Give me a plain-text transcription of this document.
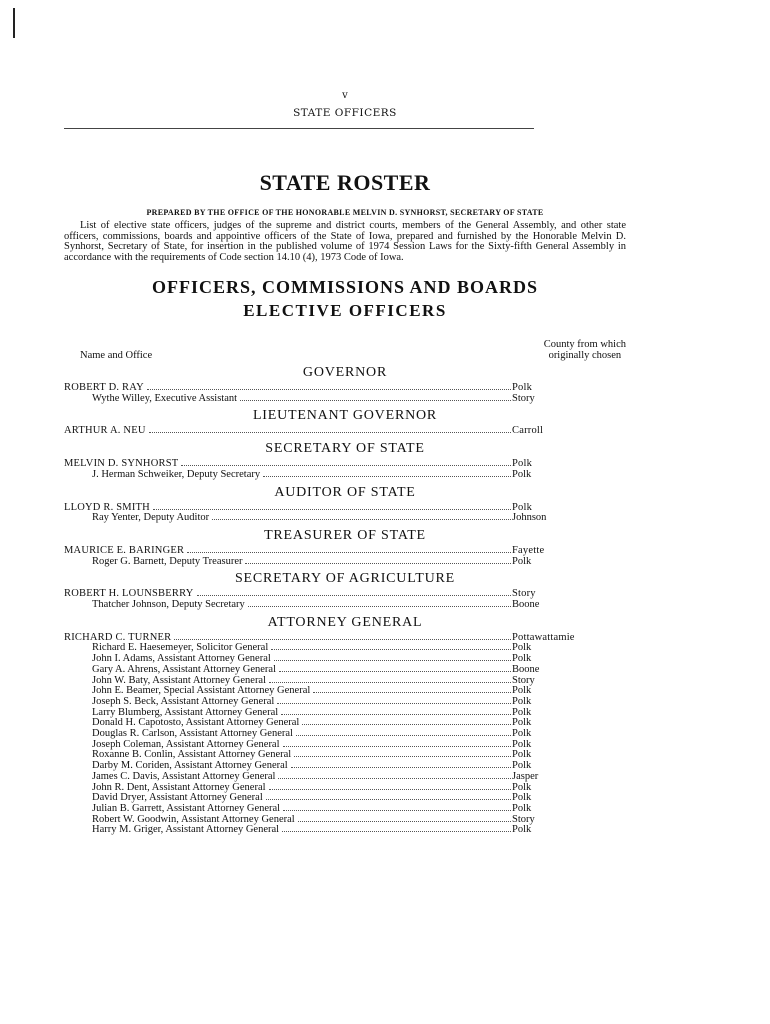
v

STATE OFFICERS

STATE ROSTER

PREPARED BY THE OFFICE OF THE HONORABLE MELVIN D. SYNHORST, SECRETARY OF STATE

List of elective state officers, judges of the supreme and district courts, members of the General Assembly, and other state officers, commissions, boards and appointive officers of the State of Iowa, prepared and furnished by the Honorable Melvin D. Synhorst, Secretary of State, for insertion in the published volume of 1974 Session Laws for the Sixty-fifth General Assembly in accordance with the requirements of Code section 14.10 (4), 1973 Code of Iowa.

OFFICERS, COMMISSIONS AND BOARDS
ELECTIVE OFFICERS
Name and Office
County from which
originally chosen
GOVERNOR
ROBERT D. RAY	Polk
Wythe Willey, Executive Assistant	Story
LIEUTENANT GOVERNOR
ARTHUR A. NEU	Carroll
SECRETARY OF STATE
MELVIN D. SYNHORST	Polk
J. Herman Schweiker, Deputy Secretary	Polk
AUDITOR OF STATE
LLOYD R. SMITH	Polk
Ray Yenter, Deputy Auditor	Johnson
TREASURER OF STATE
MAURICE E. BARINGER	Fayette
Roger G. Barnett, Deputy Treasurer	Polk
SECRETARY OF AGRICULTURE
ROBERT H. LOUNSBERRY	Story
Thatcher Johnson, Deputy Secretary	Boone
ATTORNEY GENERAL
RICHARD C. TURNER	Pottawattamie
Richard E. Haesemeyer, Solicitor General	Polk
John I. Adams, Assistant Attorney General	Polk
Gary A. Ahrens, Assistant Attorney General	Boone
John W. Baty, Assistant Attorney General	Story
John E. Beamer, Special Assistant Attorney General	Polk
Joseph S. Beck, Assistant Attorney General	Polk
Larry Blumberg, Assistant Attorney General	Polk
Donald H. Capotosto, Assistant Attorney General	Polk
Douglas R. Carlson, Assistant Attorney General	Polk
Joseph Coleman, Assistant Attorney General	Polk
Roxanne B. Conlin, Assistant Attorney General	Polk
Darby M. Coriden, Assistant Attorney General	Polk
James C. Davis, Assistant Attorney General	Jasper
John R. Dent, Assistant Attorney General	Polk
David Dryer, Assistant Attorney General	Polk
Julian B. Garrett, Assistant Attorney General	Polk
Robert W. Goodwin, Assistant Attorney General	Story
Harry M. Griger, Assistant Attorney General	Polk
